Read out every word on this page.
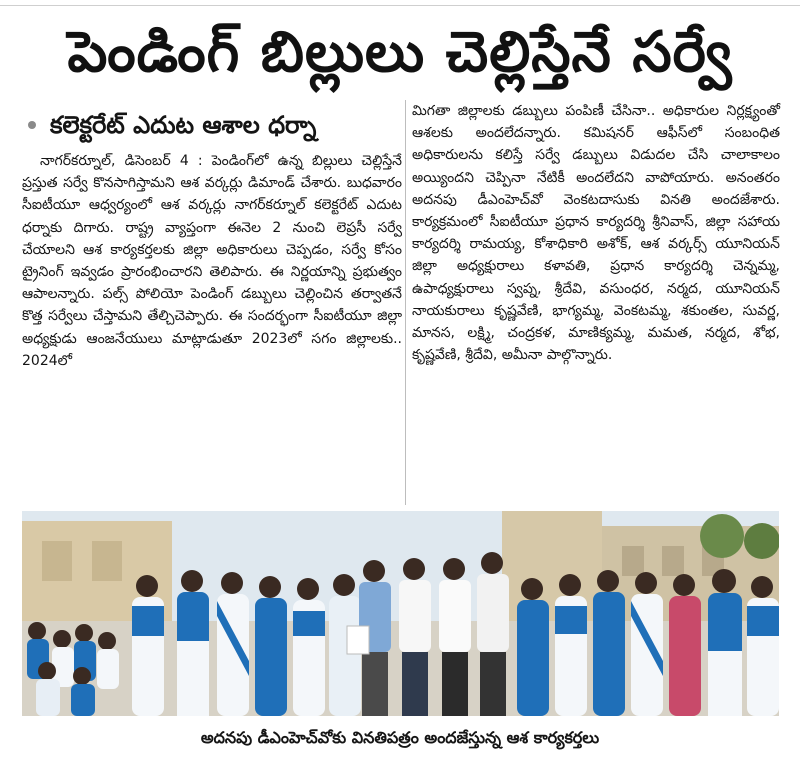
పెండింగ్ బిల్లులు చెల్లిస్తేనే సర్వే
కలెక్టరేట్ ఎదుట ఆశాల ధర్నా

నాగర్‌కర్నూల్, డిసెంబర్ 4 : పెండింగ్‌లో ఉన్న బిల్లులు చెల్లిస్తేనే ప్రస్తుత సర్వే కొనసాగిస్తామని ఆశ వర్కర్లు డిమాండ్ చేశారు. బుధవారం సీఐటీయూ ఆధ్వర్యంలో ఆశ వర్కర్లు నాగర్‌కర్నూల్ కలెక్టరేట్ ఎదుట ధర్నాకు దిగారు. రాష్ట్ర వ్యాప్తంగా ఈనెల 2 నుంచి లెప్రసీ సర్వే చేయాలని ఆశ కార్యకర్తలకు జిల్లా అధికారులు చెప్పడం, సర్వే కోసం ట్రైనింగ్ ఇవ్వడం ప్రారంభించారని తెలిపారు. ఈ నిర్ణయాన్ని ప్రభుత్వం ఆపాలన్నారు. పల్స్ పోలియో పెండింగ్ డబ్బులు చెల్లించిన తర్వాతనే కొత్త సర్వేలు చేస్తామని తేల్చిచెప్పారు. ఈ సందర్భంగా సీఐటీయూ జిల్లా అధ్యక్షుడు ఆంజనేయులు మాట్లాడుతూ 2023లో సగం జిల్లాలకు.. 2024లో

మిగతా జిల్లాలకు డబ్బులు పంపిణీ చేసినా.. అధికారుల నిర్లక్ష్యంతో ఆశలకు అందలేదన్నారు. కమిషనర్ ఆఫీస్‌లో సంబంధిత అధికారులను కలిస్తే సర్వే డబ్బులు విడుదల చేసి చాలాకాలం అయ్యిందని చెప్పినా నేటికీ అందలేదని వాపోయారు. అనంతరం అదనపు డీఎంహెచ్‌వో వెంకటదాసుకు వినతి అందజేశారు. కార్యక్రమంలో సీఐటీయూ ప్రధాన కార్యదర్శి శ్రీనివాస్, జిల్లా సహాయ కార్యదర్శి రామయ్య, కోశాధికారి అశోక్, ఆశ వర్కర్స్ యూనియన్ జిల్లా అధ్యక్షురాలు కళావతి, ప్రధాన కార్యదర్శి చెన్నమ్మ, ఉపాధ్యక్షురాలు స్వప్న, శ్రీదేవి, వసుంధర, నర్మద, యూనియన్ నాయకురాలు కృష్ణవేణి, భాగ్యమ్మ, వెంకటమ్మ, శకుంతల, సువర్ణ, మానస, లక్ష్మి, చంద్రకళ, మాణిక్యమ్మ, మమత, నర్మద, శోభ, కృష్ణవేణి, శ్రీదేవి, అమీనా పాల్గొన్నారు.

అదనపు డీఎంహెచ్‌వోకు వినతిపత్రం అందజేస్తున్న ఆశ కార్యకర్తలు
